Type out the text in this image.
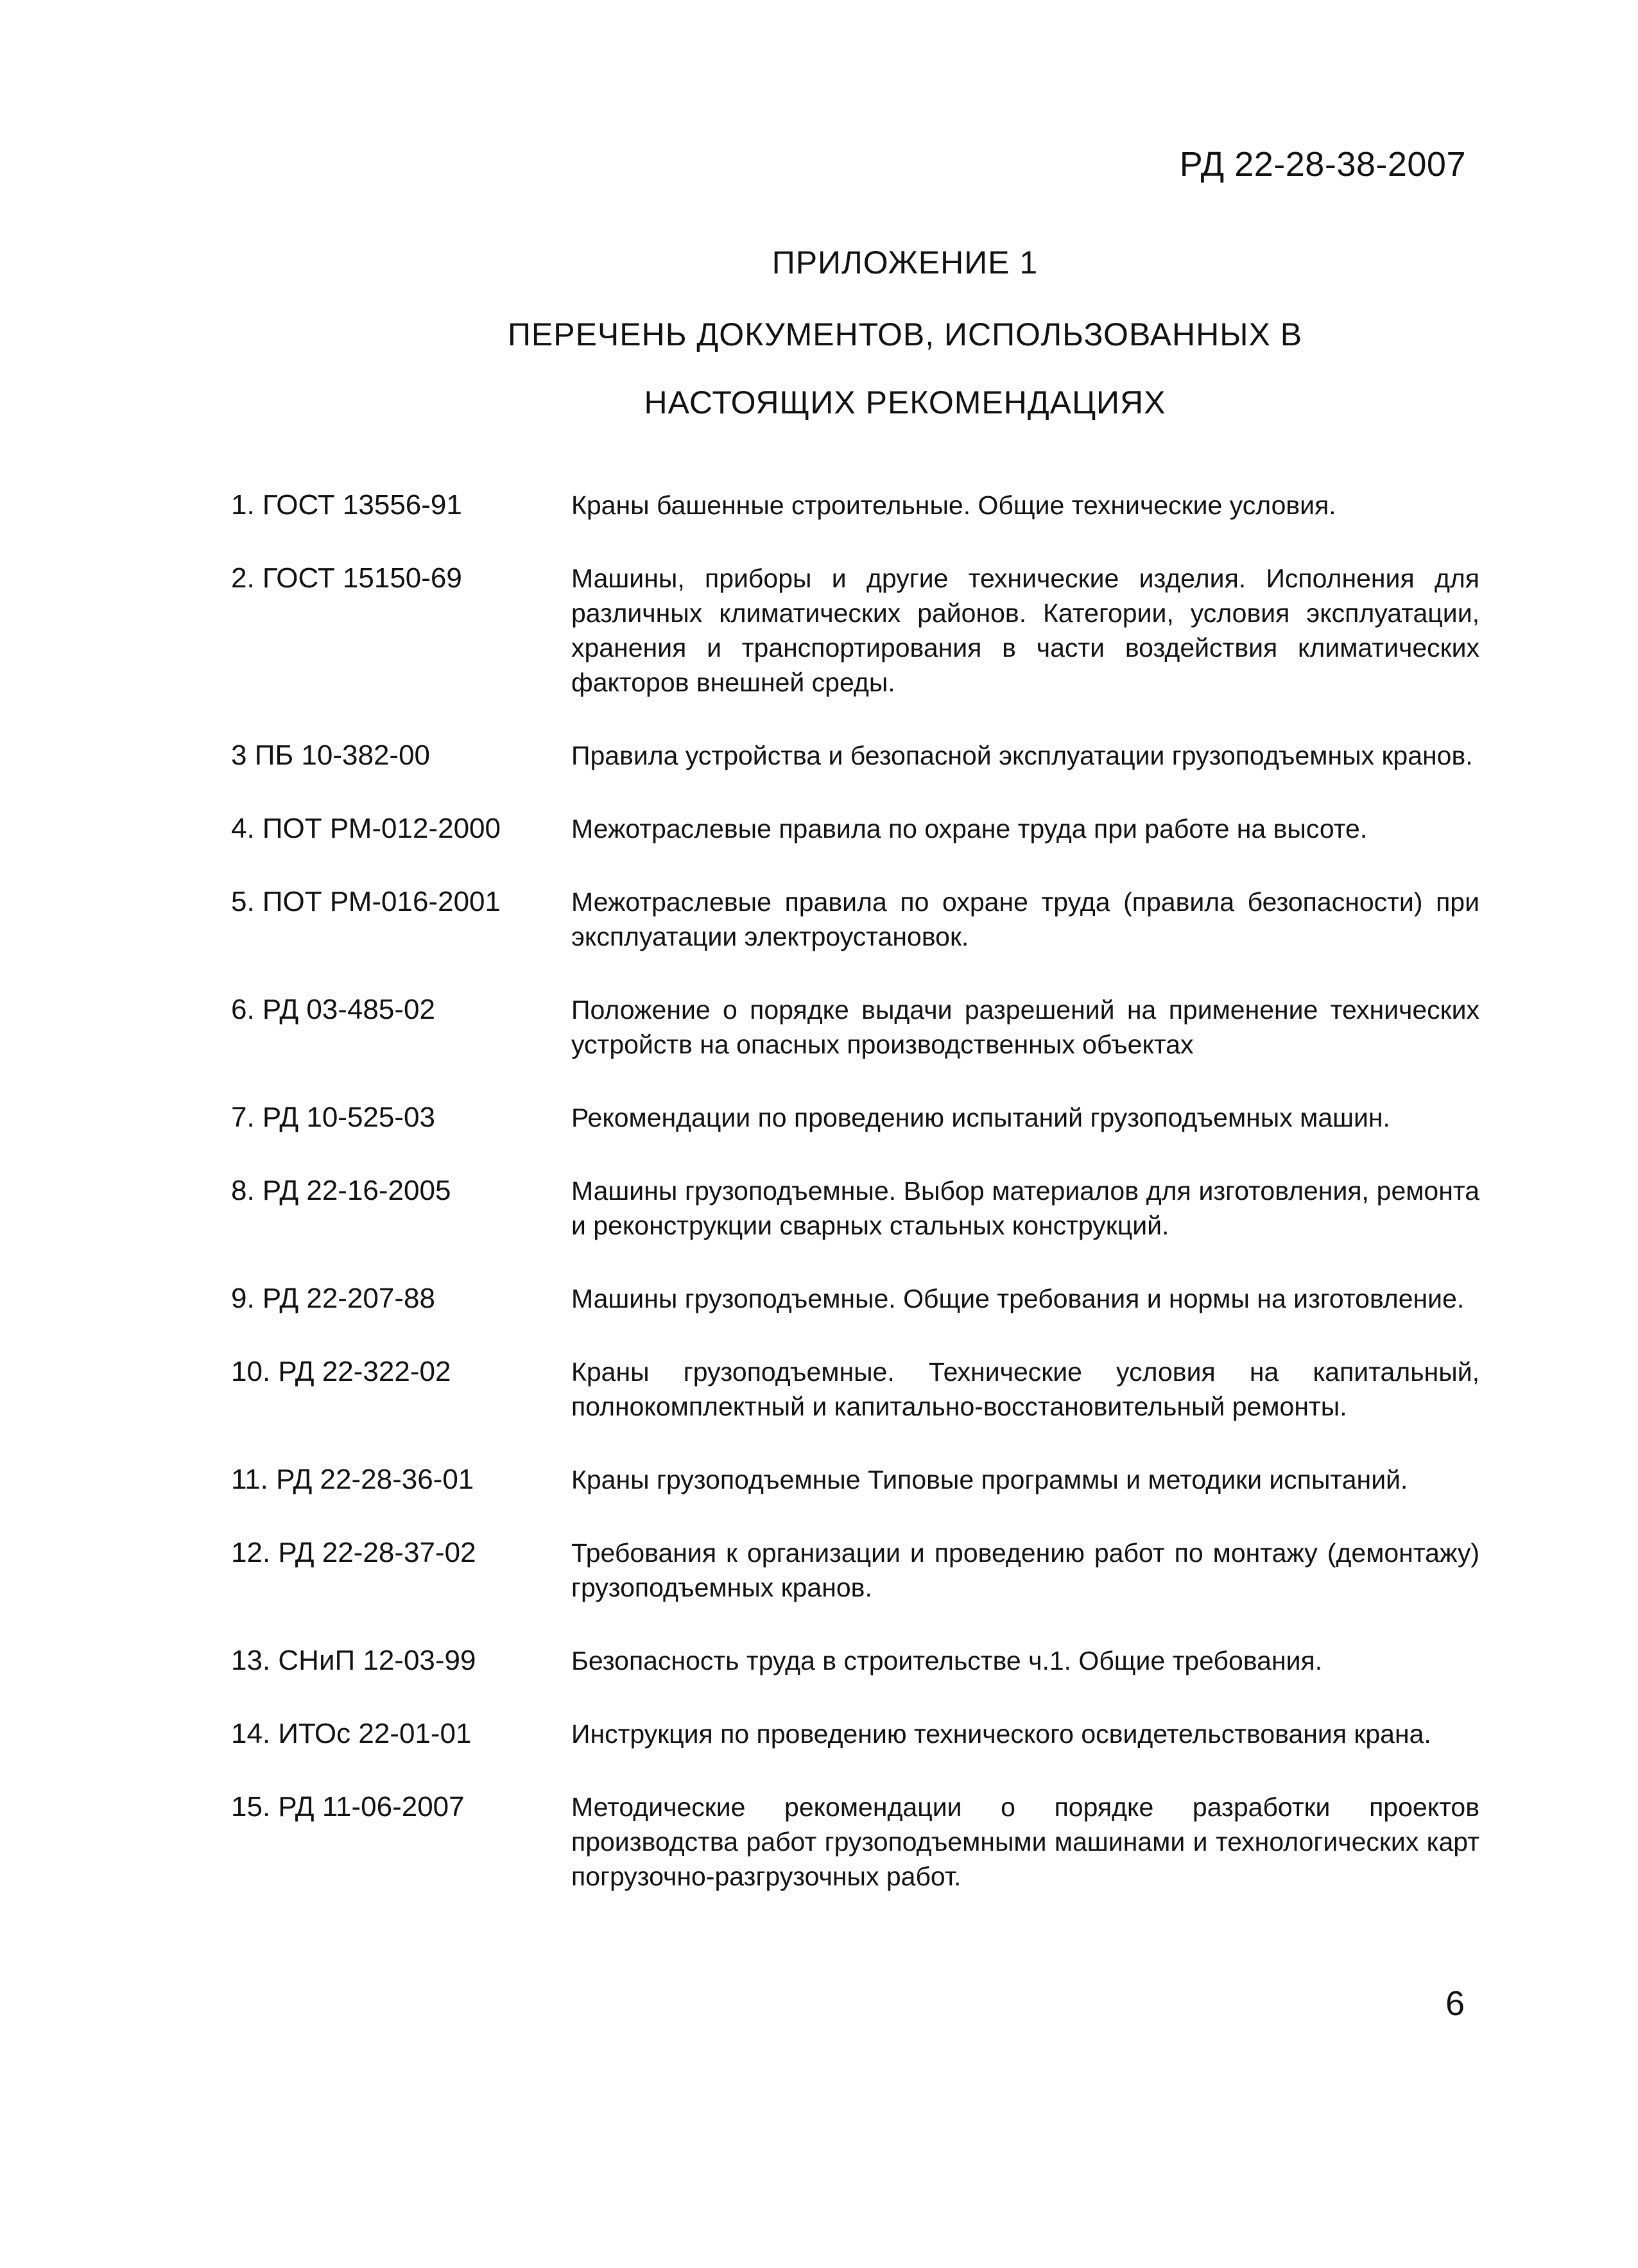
РД 22-28-38-2007
ПРИЛОЖЕНИЕ 1
ПЕРЕЧЕНЬ ДОКУМЕНТОВ, ИСПОЛЬЗОВАННЫХ В
НАСТОЯЩИХ РЕКОМЕНДАЦИЯХ
1. ГОСТ 13556-91	Краны башенные строительные. Общие технические условия.
2. ГОСТ 15150-69	Машины, приборы и другие технические изделия. Исполнения для различных климатических районов. Категории, условия эксплуатации, хранения и транспортирования в части воздействия климатических факторов внешней среды.
3 ПБ 10-382-00	Правила устройства и безопасной эксплуатации грузоподъемных кранов.
4. ПОТ РМ-012-2000	Межотраслевые правила по охране труда при работе на высоте.
5. ПОТ РМ-016-2001	Межотраслевые правила по охране труда (правила безопасности) при эксплуатации электроустановок.
6. РД 03-485-02	Положение о порядке выдачи разрешений на применение технических устройств на опасных производственных объектах
7. РД 10-525-03	Рекомендации по проведению испытаний грузоподъемных машин.
8. РД 22-16-2005	Машины грузоподъемные. Выбор материалов для изготовления, ремонта и реконструкции сварных стальных конструкций.
9. РД 22-207-88	Машины грузоподъемные. Общие требования и нормы на изготовление.
10. РД 22-322-02	Краны грузоподъемные. Технические условия на капитальный, полнокомплектный и капитально-восстановительный ремонты.
11. РД 22-28-36-01	Краны грузоподъемные Типовые программы и методики испытаний.
12. РД 22-28-37-02	Требования к организации и проведению работ по монтажу (демонтажу) грузоподъемных кранов.
13. СНиП 12-03-99	Безопасность труда в строительстве ч.1. Общие требования.
14. ИТОс 22-01-01	Инструкция по проведению технического освидетельствования крана.
15. РД 11-06-2007	Методические рекомендации о порядке разработки проектов производства работ грузоподъемными машинами и технологических карт погрузочно-разгрузочных работ.
6
